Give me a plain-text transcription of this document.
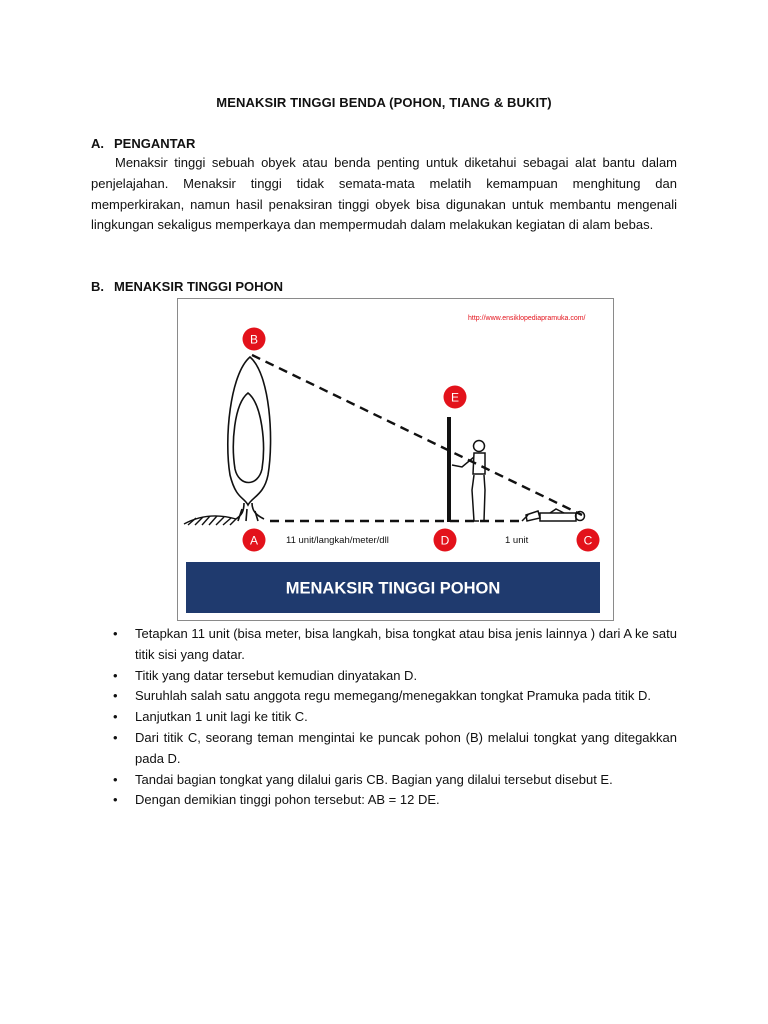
MENAKSIR TINGGI BENDA (POHON, TIANG & BUKIT)
A. PENGANTAR
Menaksir tinggi sebuah obyek atau benda penting untuk diketahui sebagai alat bantu dalam penjelajahan. Menaksir tinggi tidak semata-mata melatih kemampuan menghitung dan memperkirakan, namun hasil penaksiran tinggi obyek bisa digunakan untuk membantu mengenali lingkungan sekaligus memperkaya dan mempermudah dalam melakukan kegiatan di alam bebas.
B. MENAKSIR TINGGI POHON
http://www.ensiklopediapramuka.com/
B
E
A	D	C
11 unit/langkah/meter/dll	1 unit
MENAKSIR TINGGI POHON
•	Tetapkan 11 unit (bisa meter, bisa langkah, bisa tongkat atau bisa jenis lainnya ) dari A ke satu titik sisi yang datar.
•	Titik yang datar tersebut kemudian dinyatakan D.
•	Suruhlah salah satu anggota regu memegang/menegakkan tongkat Pramuka pada titik D.
•	Lanjutkan 1 unit lagi ke titik C.
•	Dari titik C, seorang teman mengintai ke puncak pohon (B) melalui tongkat yang ditegakkan pada D.
•	Tandai bagian tongkat yang dilalui garis CB. Bagian yang dilalui tersebut disebut E.
•	Dengan demikian tinggi pohon tersebut: AB = 12 DE.
